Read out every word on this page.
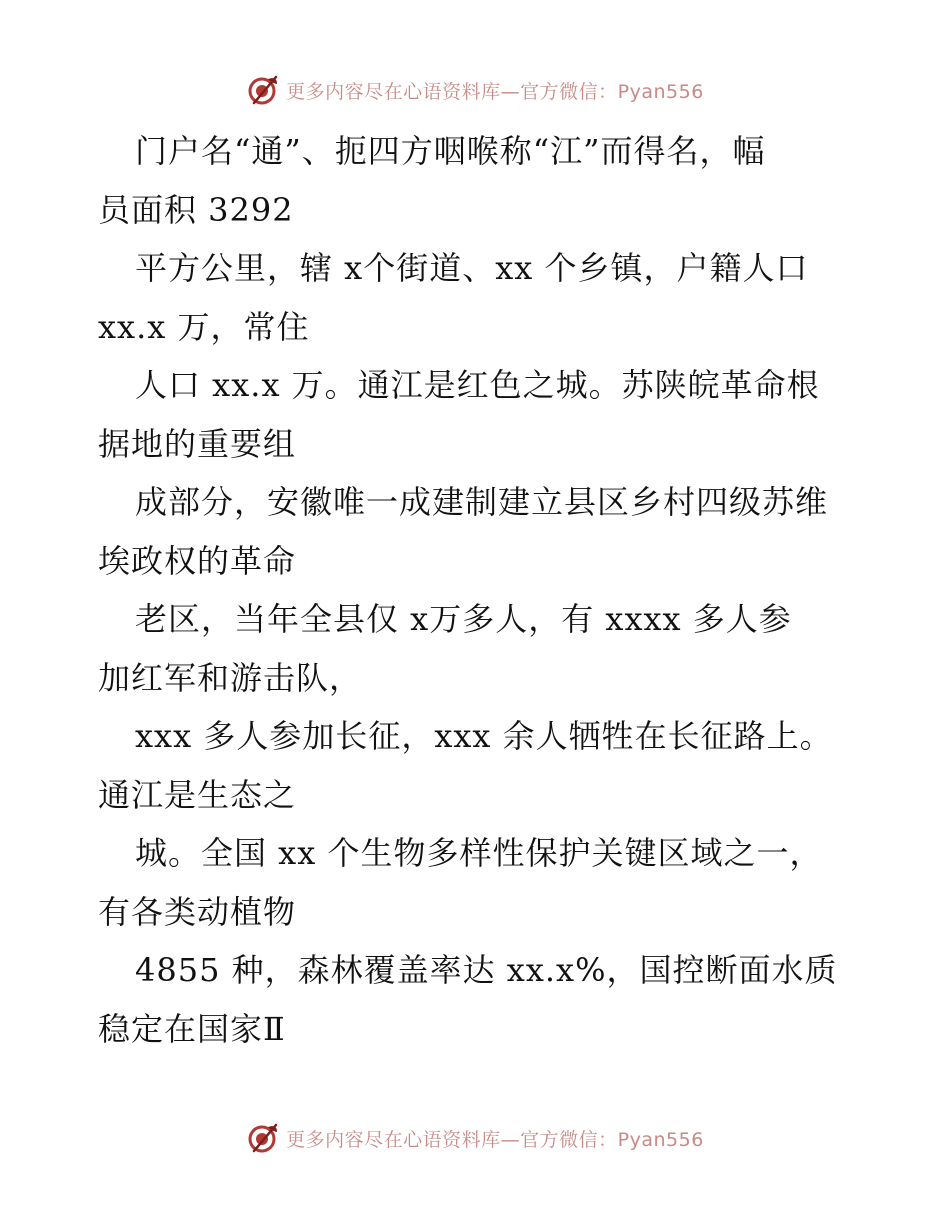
更多内容尽在心语资料库—官方微信：Pyan556
门户名“通”、扼四方咽喉称“江”而得名，幅
员面积 3292
平方公里，辖 x个街道、xx 个乡镇，户籍人口
xx.x 万，常住
人口 xx.x 万。通江是红色之城。苏陕皖革命根
据地的重要组
成部分，安徽唯一成建制建立县区乡村四级苏维
埃政权的革命
老区，当年全县仅 x万多人，有 xxxx 多人参
加红军和游击队，
xxx 多人参加长征，xxx 余人牺牲在长征路上。
通江是生态之
城。全国 xx 个生物多样性保护关键区域之一，
有各类动植物
4855 种，森林覆盖率达 xx.x%，国控断面水质
稳定在国家Ⅱ
更多内容尽在心语资料库—官方微信：Pyan556
